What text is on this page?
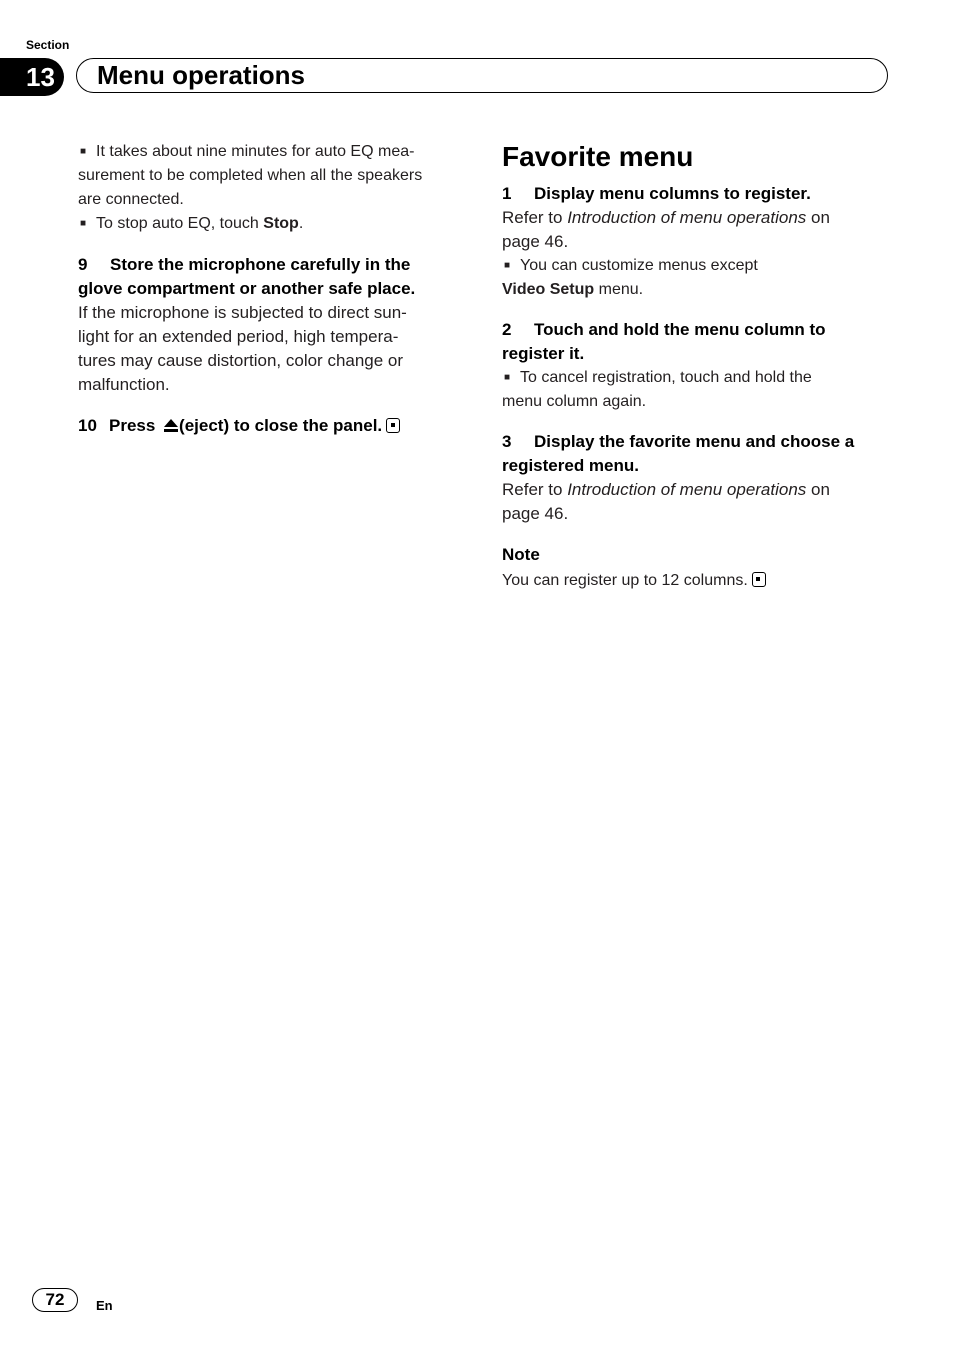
Section
13	Menu operations
■ It takes about nine minutes for auto EQ mea-
surement to be completed when all the speakers
are connected.
■ To stop auto EQ, touch Stop.
9 Store the microphone carefully in the
glove compartment or another safe place.
If the microphone is subjected to direct sun-
light for an extended period, high tempera-
tures may cause distortion, color change or
malfunction.
10 Press (eject) to close the panel.
Favorite menu
1 Display menu columns to register.
Refer to Introduction of menu operations on
page 46.
■ You can customize menus except
Video Setup menu.
2 Touch and hold the menu column to
register it.
■ To cancel registration, touch and hold the
menu column again.
3 Display the favorite menu and choose a
registered menu.
Refer to Introduction of menu operations on
page 46.
Note
You can register up to 12 columns.
72	En
